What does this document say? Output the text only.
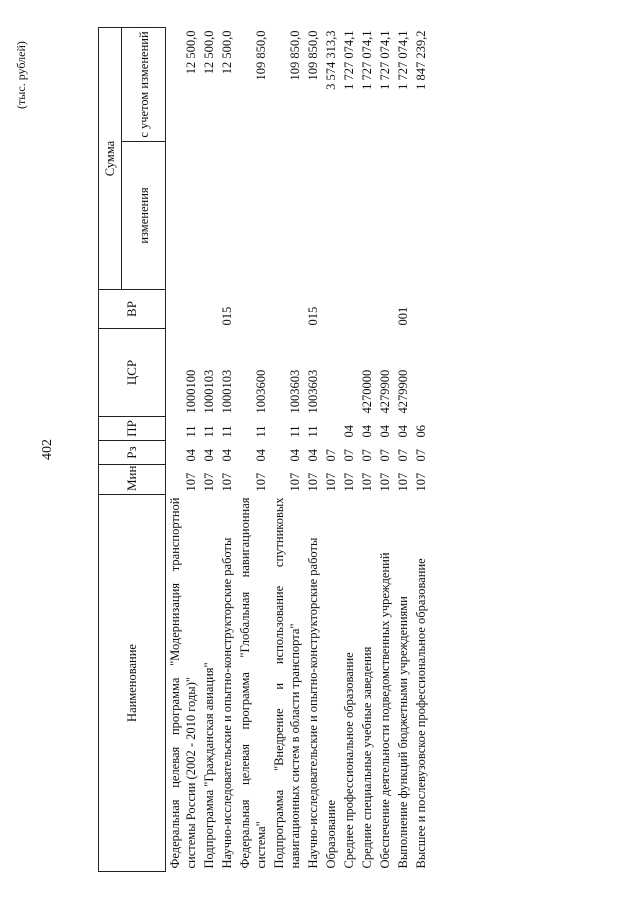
402
(тыс. рублей)
Наименование	Мин	Рз	ПР	ЦСР	ВР	Сумма	
						изменения	с учетом изменений
Федеральная целевая программа "Модернизация транспортной системы России (2002 - 2010 годы)"	107	04	11	1000100			12 500,0
Подпрограмма "Гражданская авиация"	107	04	11	1000103			12 500,0
Научно-исследовательские и опытно-конструкторские работы	107	04	11	1000103	015		12 500,0
Федеральная целевая программа "Глобальная навигационная система"	107	04	11	1003600			109 850,0
Подпрограмма "Внедрение и использование спутниковых навигационных систем в области транспорта"	107	04	11	1003603			109 850,0
Научно-исследовательские и опытно-конструкторские работы	107	04	11	1003603	015		109 850,0
Образование	107	07					3 574 313,3
Среднее профессиональное образование	107	07	04				1 727 074,1
Средние специальные учебные заведения	107	07	04	4270000			1 727 074,1
Обеспечение деятельности подведомственных учреждений	107	07	04	4279900			1 727 074,1
Выполнение функций бюджетными учреждениями	107	07	04	4279900	001		1 727 074,1
Высшее и послевузовское профессиональное образование	107	07	06				1 847 239,2
